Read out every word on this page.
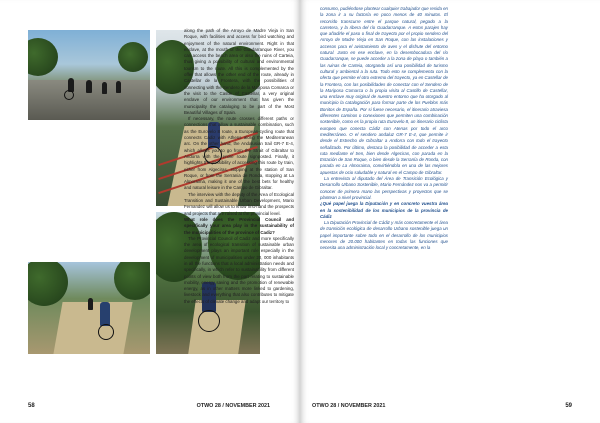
along the path of the Arroyo de Madre Vieja in San Roque, with facilities and access for bird watching and enjoyment of the natural environment. Right in that enclave, at the mouth of the Guadarranque River, you can access the beach area or also the ruins of Carteia, thus giving a possibility of cultural and environmental tourism to the route. All this is complemented by the offer that allows the other end of the route, already in Castellar de la Frontera, with the possibilities of connecting with the Sendero de la Mariposa Comarca or the visit to the Castle of Castellar, a very original enclave of our environment that has given the municipality the cataloging to be part of the Most Beautiful Villages of Spain.

If necessary, the route crosses different paths or connections that allow a sustainable combination, such as the Eurovelo 8 route, a European-cycling route that connects Cadiz with Athens along the Mediterranean arc. On the other hand, the Andalusian trail GR-7 E-4, which allows you to go from the Strait of Gibraltar to Andorra with the entire route signposted. Finally, it highlights the possibility of accessing this route by train, either from Algeciras, stopping at the station of San Roque, or from the Serrania de Ronda, stopping at La Almoraima, making it one of the best bets for healthy and natural leisure in the Campo de Gibraltar.

The interview with the deputy of the Area of Ecological Transition and Sustainable Urban Development, Mario Fernandez will allow us to know first-hand the prospects and projects that are raised at the provincial level.

What role does the Provincial Council and specifically your area play in the sustainability of the municipalities of the province of Cadiz?

The Provincial Council of Cadiz and more specifically the area of ecological transition of sustainable urban development plays an important role especially in the development of municipalities under 20, 000 inhabitants in all the functions that a local administration needs and specifically, in which refer to sustainability from different points of view both from the part relating to sustainable mobility, energy saving and the promotion of renewable energy, as in other matters more linked to gardening, livestock and everything that also contributes to mitigate the effects of climate change and adapt our territory to

58	OTWO 28 / NOVEMBER 2021

consumo, pudiéndose plantear cualquier trabajador que resida en la zona ir a su factoría en poco menos de 40 minutos. El recorrido transcurre entre el parque natural, pegado a la carretera, y la ribera del río Guadarranque. A estos parajes hay que añadirle el paso o final de trayecto por el propio sendero del Arroyo de Madre Vieja en San Roque, con las instalaciones y accesos para el avistamiento de aves y el disfrute del entorno natural. Justo en ese enclave, en la desembocadura del río Guadarranque, se puede acceder a la zona de playa o también a las ruinas de Carteia, otorgando así una posibilidad de turismo cultural y ambiental a la ruta. Todo esto se complementa con la oferta que permite el otro extremo del trayecto, ya en Castellar de la Frontera, con las posibilidades de conectar con el Sendero de la Mariposa Comarca o la propia visita al Castillo de Castellar, una enclave muy original de nuestro entorno que ha otorgado al municipio la catalogación para formar parte de los Pueblos más Bonitos de España. Por si fuese necesario, el itinerario atraviesa diferentes caminos o conexiones que permiten una combinación sostenible, como es la propia ruta Eurovelo 8, un itinerario ciclista europeo que conecta Cádiz con Atenas por todo el arco mediterráneo. O el sendero andaluz GR-7 E-4, que permite ir desde el Estrecho de Gibraltar a Andorra con todo el trayecto señalizado. Por último, destaca la posibilidad de acceder a esta ruta mediante el tren, bien desde Algeciras, con parada en la Estación de San Roque, o bien desde la Serranía de Ronda, con parada en La Almoraima, convirtiéndola en una de las mejores apuestas de ocio saludable y natural en el Campo de Gibraltar.

La entrevista al diputado del Área de Transición Ecológica y Desarrollo Urbano Sostenible, Mario Fernández nos va a permitir conocer de primera mano las perspectivas y proyectos que se plantean a nivel provincial.

¿Qué papel juega la Diputación y en concreto vuestra área en la sostenibilidad de los municipios de la provincia de Cádiz

La Diputación Provincial de Cádiz y más concretamente el área de transición ecológica de desarrollo Urbano sostenible juega un papel importante sobre todo en el desarrollo de los municipios menores de 20.000 habitantes en todas las funciones que necesita una administración local y concretamente, en la

OTWO 28 / NOVEMBER 2021	59
